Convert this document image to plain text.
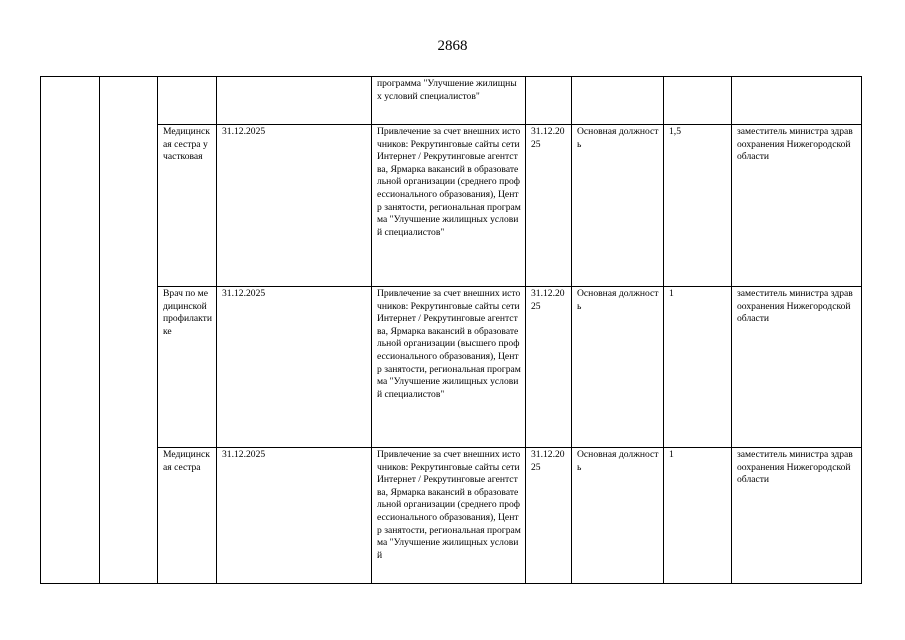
2868
				программа "Улучшение жилищных условий специалистов"				
		Медицинская сестра участковая	31.12.2025	Привлечение за счет внешних источников: Рекрутинговые сайты сети Интернет / Рекрутинговые агентства, Ярмарка вакансий в образовательной организации (среднего профессионального образования), Центр занятости, региональная программа "Улучшение жилищных условий специалистов"	31.12.2025	Основная должность	1,5	заместитель министра здравоохранения Нижегородской области
		Врач по медицинской профилактике	31.12.2025	Привлечение за счет внешних источников: Рекрутинговые сайты сети Интернет / Рекрутинговые агентства, Ярмарка вакансий в образовательной организации (высшего профессионального образования), Центр занятости, региональная программа "Улучшение жилищных условий специалистов"	31.12.2025	Основная должность	1	заместитель министра здравоохранения Нижегородской области
		Медицинская сестра	31.12.2025	Привлечение за счет внешних источников: Рекрутинговые сайты сети Интернет / Рекрутинговые агентства, Ярмарка вакансий в образовательной организации (среднего профессионального образования), Центр занятости, региональная программа "Улучшение жилищных условий	31.12.2025	Основная должность	1	заместитель министра здравоохранения Нижегородской области
